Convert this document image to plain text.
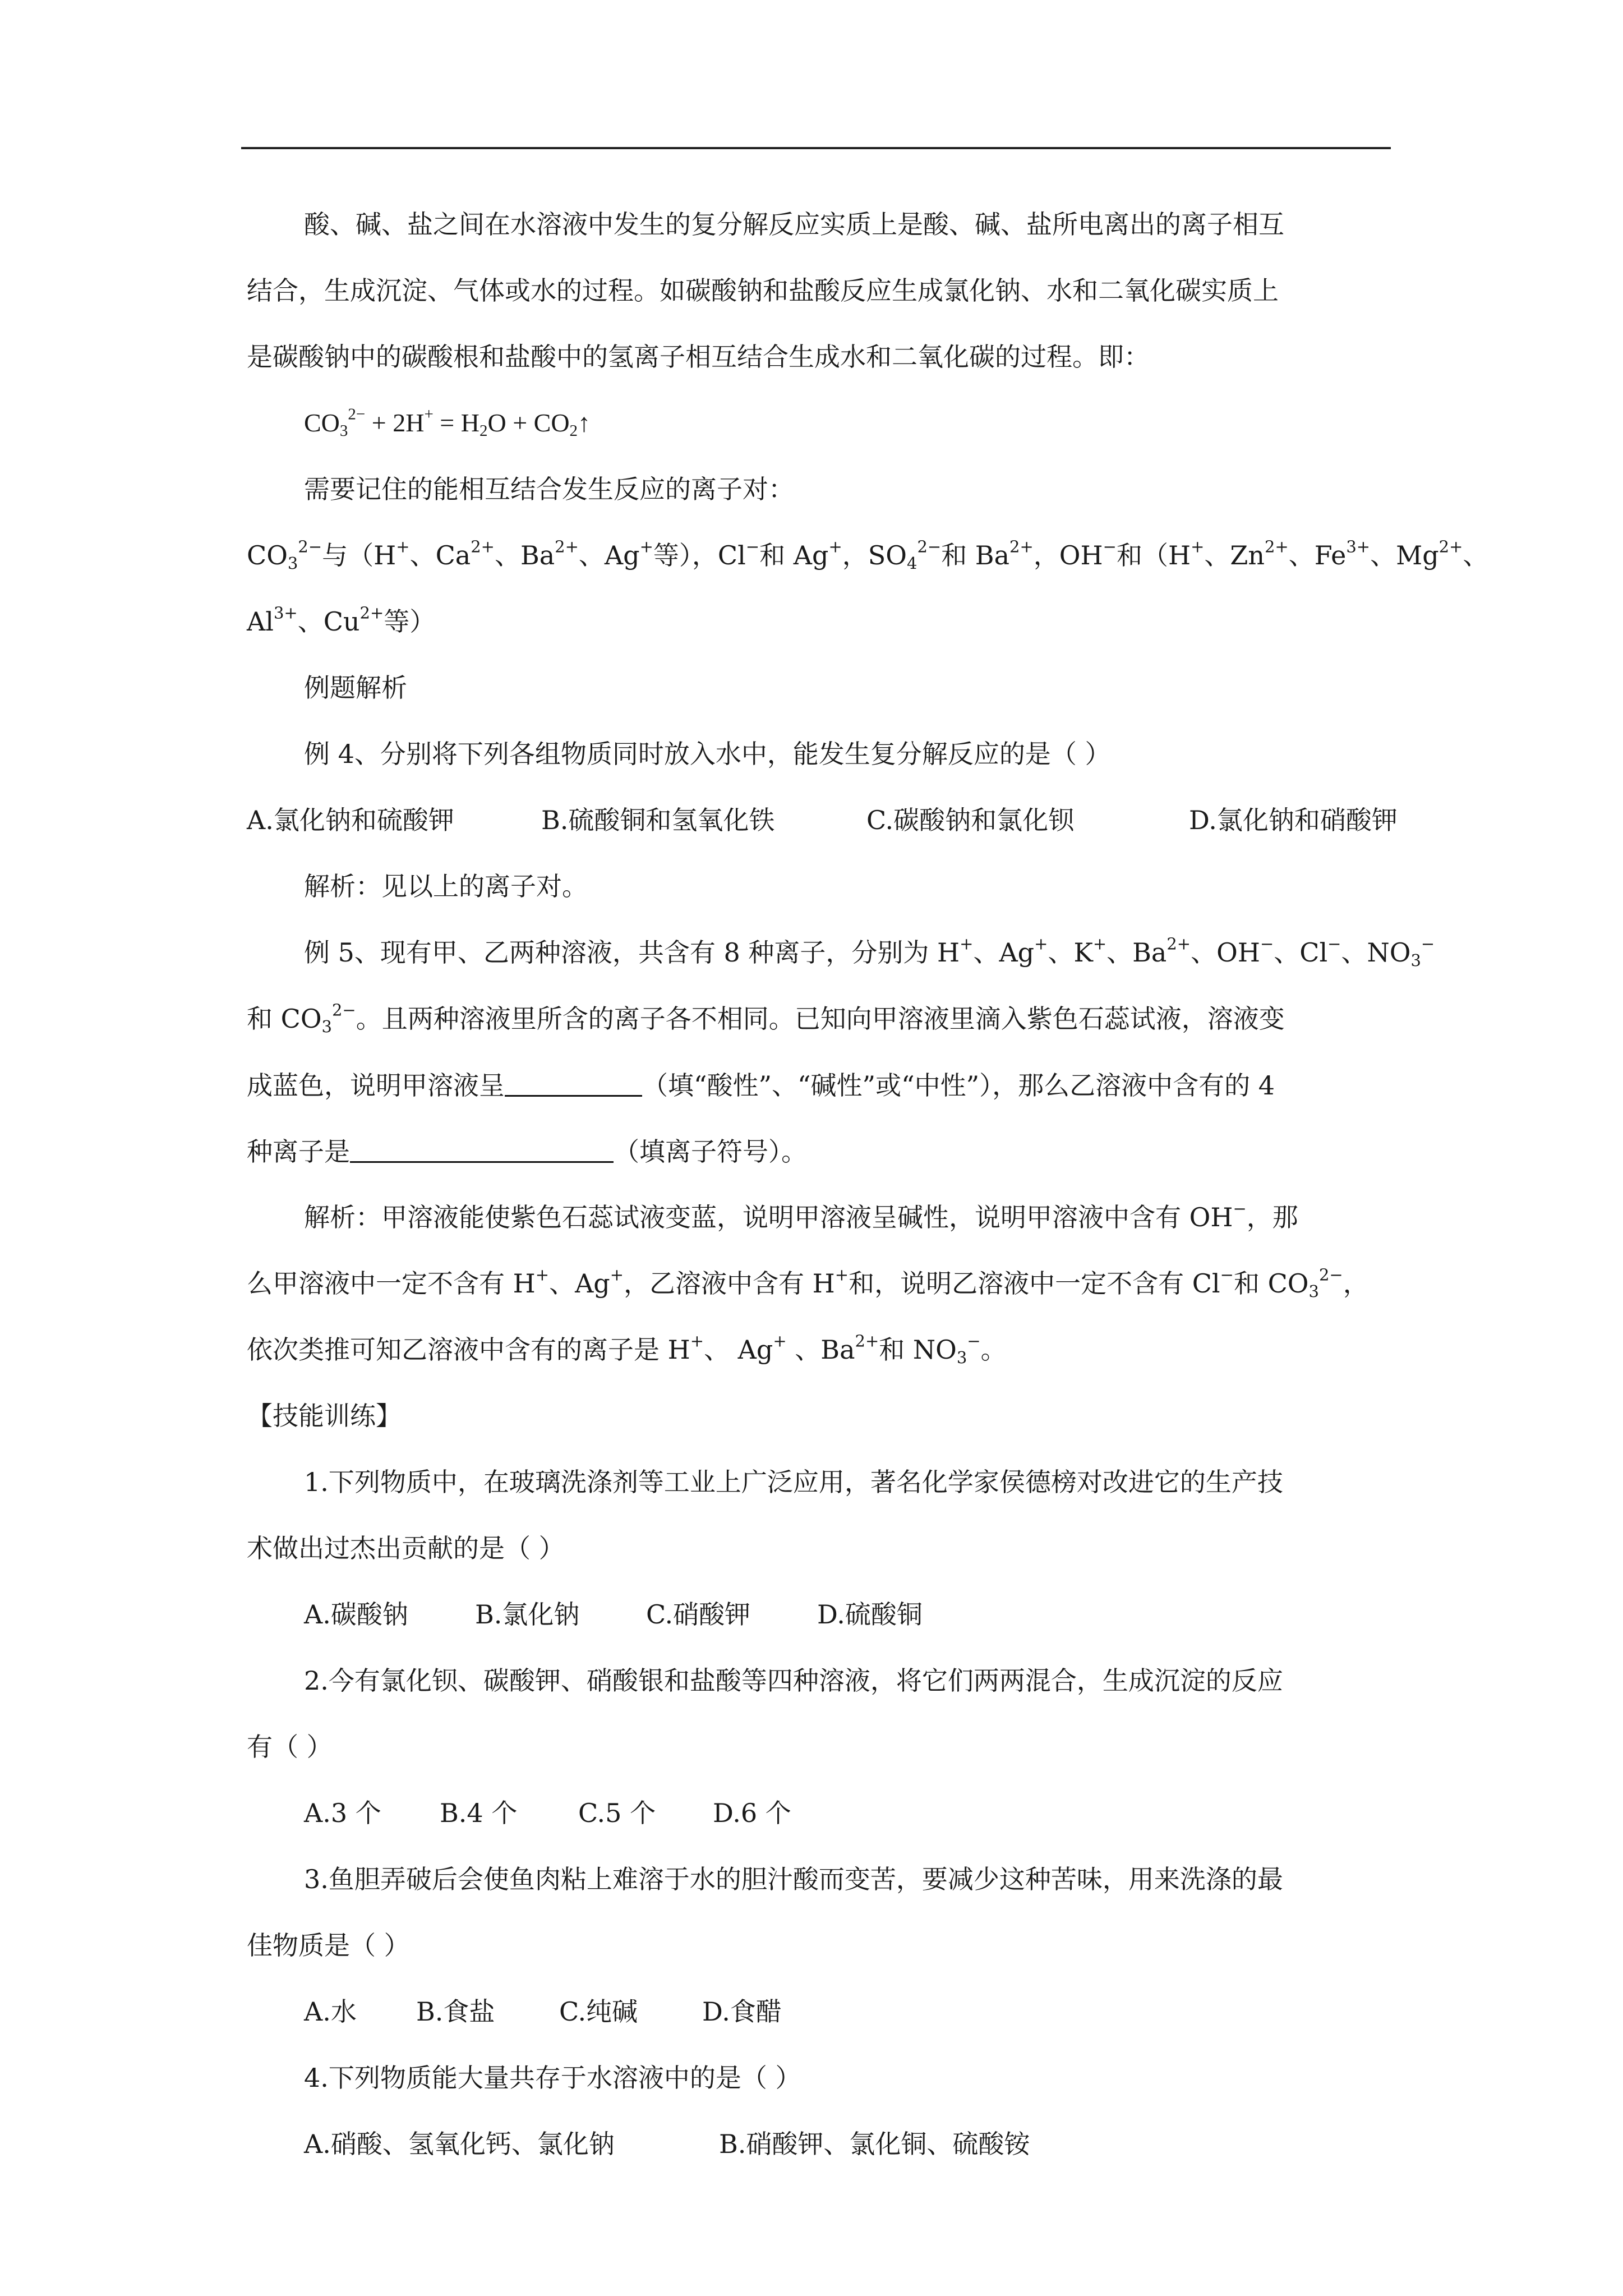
酸、碱、盐之间在水溶液中发生的复分解反应实质上是酸、碱、盐所电离出的离子相互
结合，生成沉淀、气体或水的过程。如碳酸钠和盐酸反应生成氯化钠、水和二氧化碳实质上
是碳酸钠中的碳酸根和盐酸中的氢离子相互结合生成水和二氧化碳的过程。即：
$CO_3^{2-} + 2H^+ = H_2O$ + $CO_2↑$
需要记住的能相互结合发生反应的离子对：
$CO_3^{2-}$与（H+、$Ca^{2+}$、$Ba^{2+}$、Ag+等），Cl−和 Ag+，$SO_4^{2-}$和 $Ba^{2+}$，OH−和（H+、$Zn^{2+}$、$Fe^{3+}$、$Mg^{2+}$、
$Al^{3+}$、$Cu^{2+}$等）
例题解析
例 4、分别将下列各组物质同时放入水中，能发生复分解反应的是（ ）
A.氯化钠和硫酸钾	B.硫酸铜和氢氧化铁	C.碳酸钠和氯化钡	D.氯化钠和硝酸钾
解析：见以上的离子对。
例 5、现有甲、乙两种溶液，共含有 8 种离子，分别为 H+、Ag+、K+、$Ba^{2+}$、OH−、Cl−、$NO_3^-$
和 $CO_3^{2-}$。且两种溶液里所含的离子各不相同。已知向甲溶液里滴入紫色石蕊试液，溶液变
成蓝色，说明甲溶液呈	（填“酸性”、“碱性”或“中性”），那么乙溶液中含有的 4
种离子是	（填离子符号）。
解析：甲溶液能使紫色石蕊试液变蓝，说明甲溶液呈碱性，说明甲溶液中含有 OH−，那
么甲溶液中一定不含有 H+、Ag+，乙溶液中含有 H+和，说明乙溶液中一定不含有 Cl−和 $CO_3^{2-}$，
依次类推可知乙溶液中含有的离子是 H+、 Ag+ 、$Ba^{2+}$和 $NO_3^-$。
【技能训练】
1.下列物质中，在玻璃洗涤剂等工业上广泛应用，著名化学家侯德榜对改进它的生产技
术做出过杰出贡献的是（ ）
A.碳酸钠	B.氯化钠	C.硝酸钾	D.硫酸铜
2.今有氯化钡、碳酸钾、硝酸银和盐酸等四种溶液，将它们两两混合，生成沉淀的反应
有（ ）
A.3 个 B.4 个 C.5 个 D.6 个
3.鱼胆弄破后会使鱼肉粘上难溶于水的胆汁酸而变苦，要减少这种苦味，用来洗涤的最
佳物质是（ ）
A.水 B.食盐 C.纯碱 D.食醋
4.下列物质能大量共存于水溶液中的是（ ）
A.硝酸、氢氧化钙、氯化钠	B.硝酸钾、氯化铜、硫酸铵
